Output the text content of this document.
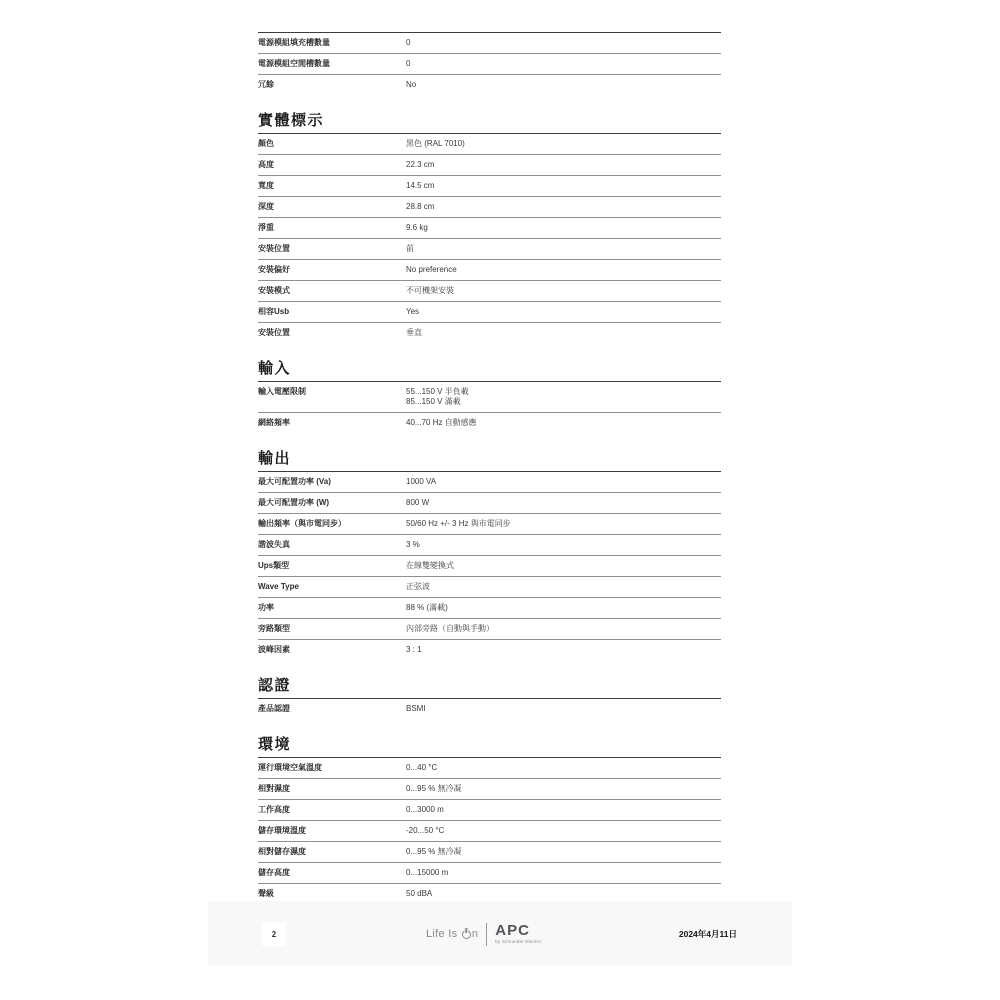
電源模組填充槽數量	0
電源模組空閒槽數量	0
冗餘	No
實體標示
顏色	黑色 (RAL 7010)
高度	22.3 cm
寬度	14.5 cm
深度	28.8 cm
淨重	9.6 kg
安裝位置	前
安裝偏好	No preference
安裝模式	不可機架安裝
相容Usb	Yes
安裝位置	垂直
輸入
輸入電壓限制	55...150 V 半負載
85...150 V 滿載
網絡頻率	40...70 Hz 自動感應
輸出
最大可配置功率 (Va)	1000 VA
最大可配置功率 (W)	800 W
輸出頻率（與市電同步）	50/60 Hz +/- 3 Hz 與市電同步
諧波失真	3 %
Ups類型	在線雙變換式
Wave Type	正弦波
功率	88 % (滿載)
旁路類型	內部旁路（自動與手動）
波峰因素	3 : 1
認證
產品認證	BSMI
環境
運行環境空氣溫度	0...40 °C
相對濕度	0...95 % 無冷凝
工作高度	0...3000 m
儲存環境溫度	-20...50 °C
相對儲存濕度	0...95 % 無冷凝
儲存高度	0...15000 m
聲級	50 dBA
2	Life Is n APC
by Schneider Electric
2024年4月11日
